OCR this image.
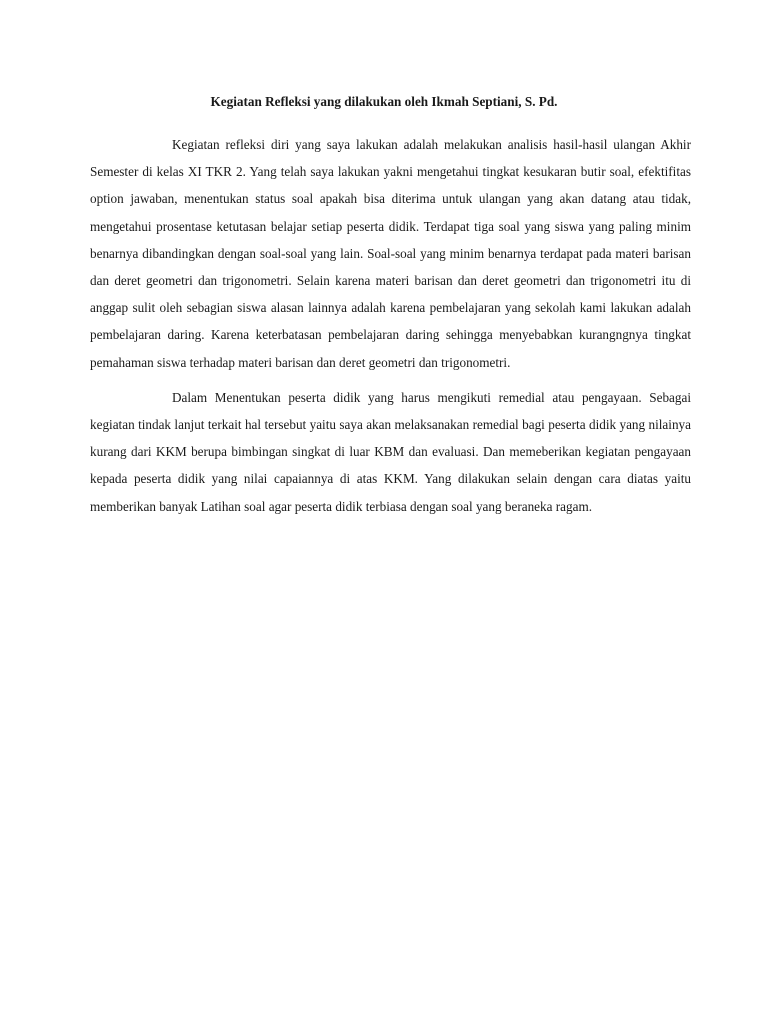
Kegiatan Refleksi yang dilakukan oleh Ikmah Septiani, S. Pd.

Kegiatan refleksi diri yang saya lakukan adalah melakukan analisis hasil-hasil ulangan Akhir Semester di kelas XI TKR 2. Yang telah saya lakukan yakni mengetahui tingkat kesukaran butir soal, efektifitas option jawaban, menentukan status soal apakah bisa diterima untuk ulangan yang akan datang atau tidak, mengetahui prosentase ketutasan belajar setiap peserta didik. Terdapat tiga soal yang siswa yang paling minim benarnya dibandingkan dengan soal-soal yang lain. Soal-soal yang minim benarnya terdapat pada materi barisan dan deret geometri dan trigonometri. Selain karena materi barisan dan deret geometri dan trigonometri itu di anggap sulit oleh sebagian siswa alasan lainnya adalah karena pembelajaran yang sekolah kami lakukan adalah pembelajaran daring. Karena keterbatasan pembelajaran daring sehingga menyebabkan kurangngnya tingkat pemahaman siswa terhadap materi barisan dan deret geometri dan trigonometri.

Dalam Menentukan peserta didik yang harus mengikuti remedial atau pengayaan. Sebagai kegiatan tindak lanjut terkait hal tersebut yaitu saya akan melaksanakan remedial bagi peserta didik yang nilainya kurang dari KKM berupa bimbingan singkat di luar KBM dan evaluasi. Dan memeberikan kegiatan pengayaan kepada peserta didik yang nilai capaiannya di atas KKM. Yang dilakukan selain dengan cara diatas yaitu memberikan banyak Latihan soal agar peserta didik terbiasa dengan soal yang beraneka ragam.
